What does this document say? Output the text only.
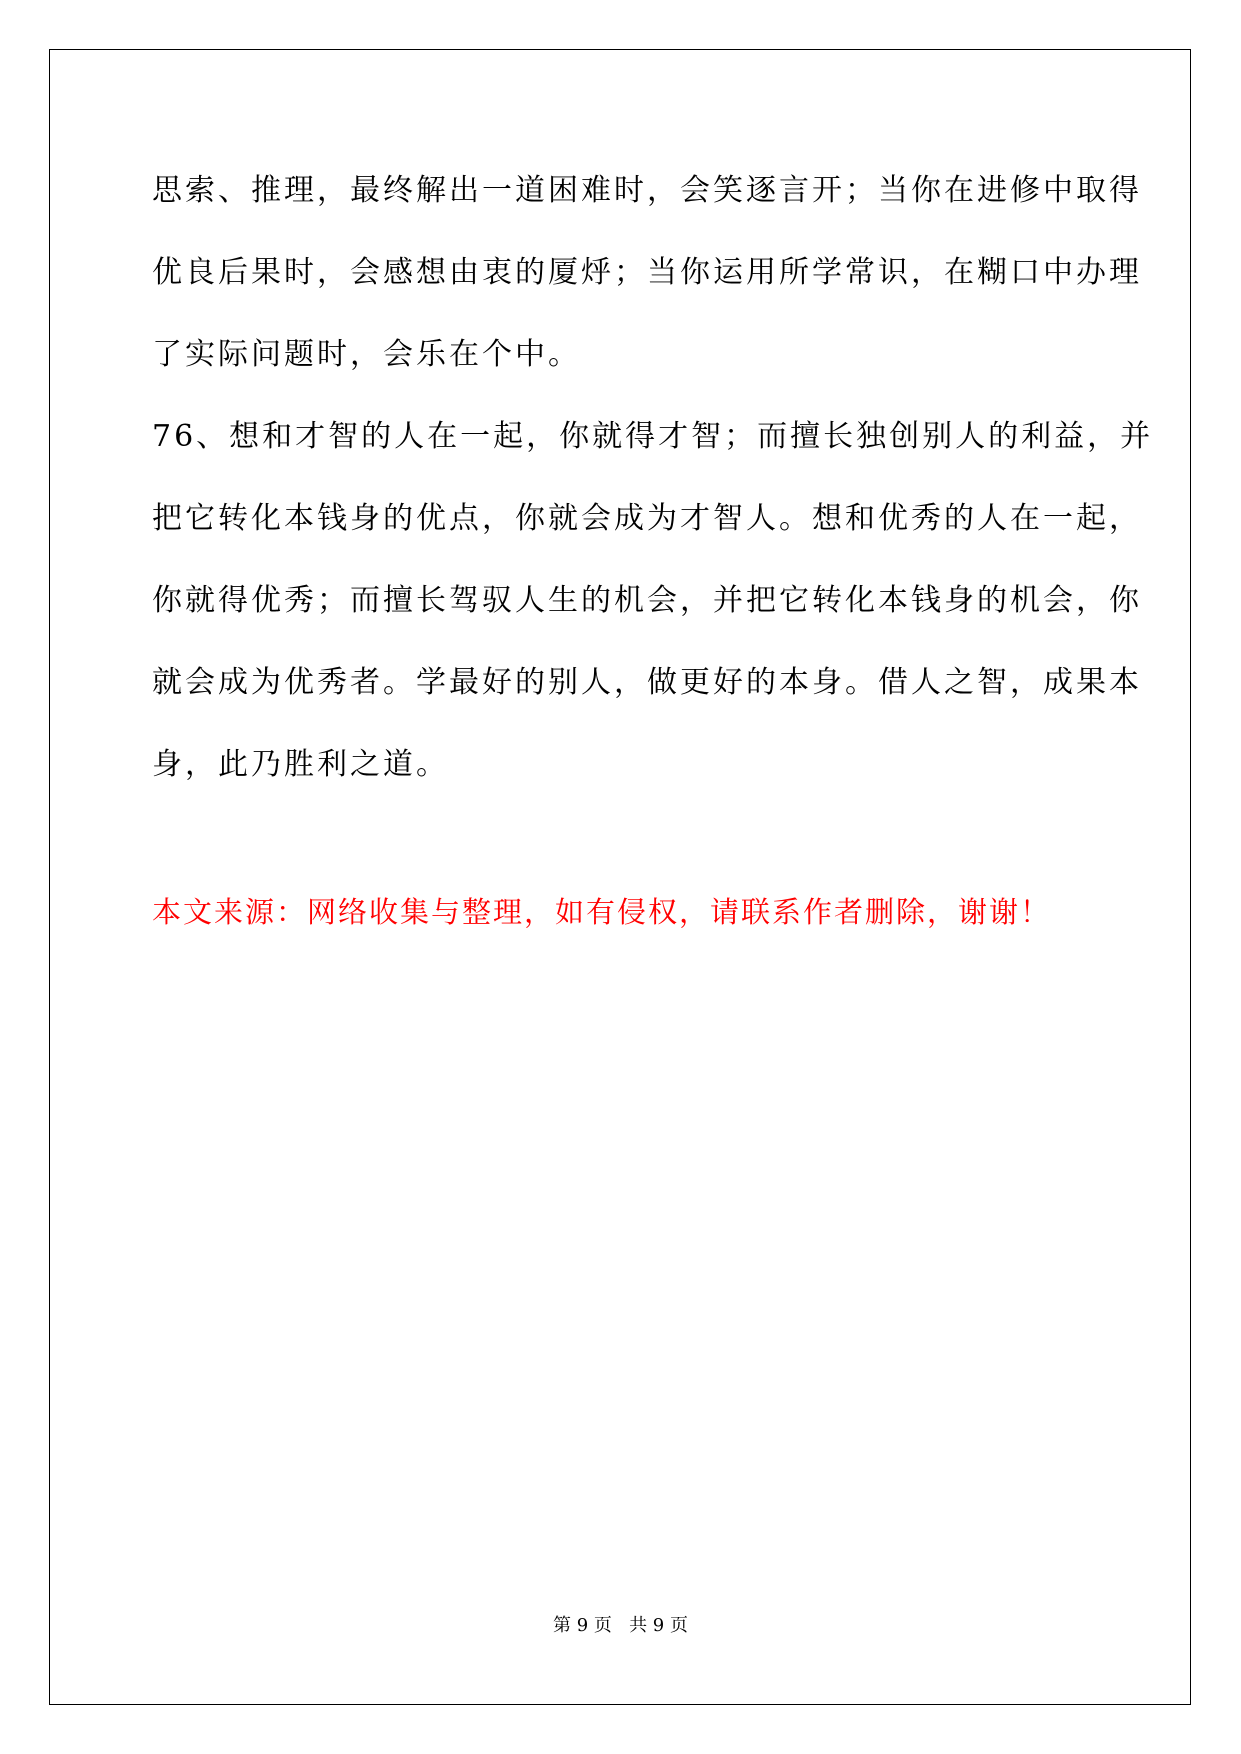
思索、推理，最终解出一道困难时，会笑逐言开；当你在进修中取得
优良后果时，会感想由衷的厦烀；当你运用所学常识，在糊口中办理
了实际问题时，会乐在个中。
76、想和才智的人在一起，你就得才智；而擅长独创别人的利益，并
把它转化本钱身的优点，你就会成为才智人。想和优秀的人在一起，
你就得优秀；而擅长驾驭人生的机会，并把它转化本钱身的机会，你
就会成为优秀者。学最好的别人，做更好的本身。借人之智，成果本
身，此乃胜利之道。
本文来源：网络收集与整理，如有侵权，请联系作者删除，谢谢！
第 9 页   共 9 页
